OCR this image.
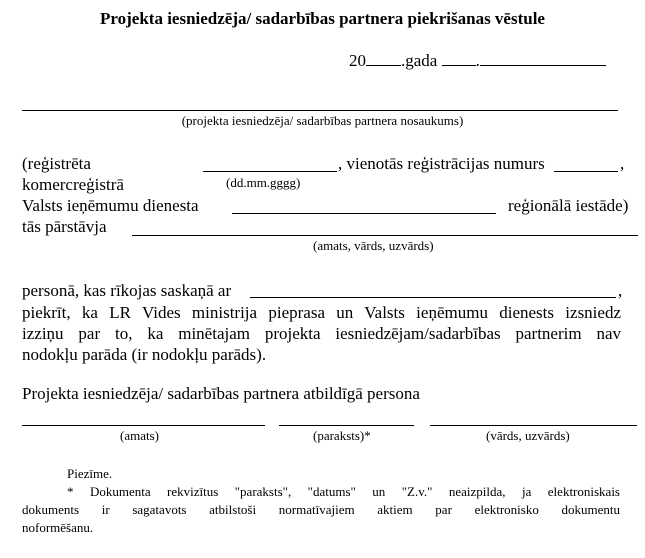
Projekta iesniedzēja/ sadarbības partnera piekrišanas vēstule
20 .gada .
(projekta iesniedzēja/ sadarbības partnera nosaukums)
(reģistrēta	, vienotās reģistrācijas numurs	,
komercreģistrā	(dd.mm.gggg)
Valsts ieņēmumu dienesta	reģionālā iestāde)
tās pārstāvja
(amats, vārds, uzvārds)
personā, kas rīkojas saskaņā ar	,
piekrīt, ka LR Vides ministrija pieprasa un Valsts ieņēmumu dienests izsniedz
izziņu par to, ka minētajam projekta iesniedzējam/sadarbības partnerim nav
nodokļu parāda (ir nodokļu parāds).
Projekta iesniedzēja/ sadarbības partnera atbildīgā persona
(amats)	(paraksts)*	(vārds, uzvārds)
Piezīme.
* Dokumenta rekvizītus "paraksts", "datums" un "Z.v." neaizpilda, ja elektroniskais
dokuments ir sagatavots atbilstoši normatīvajiem aktiem par elektronisko dokumentu
noformēšanu.
